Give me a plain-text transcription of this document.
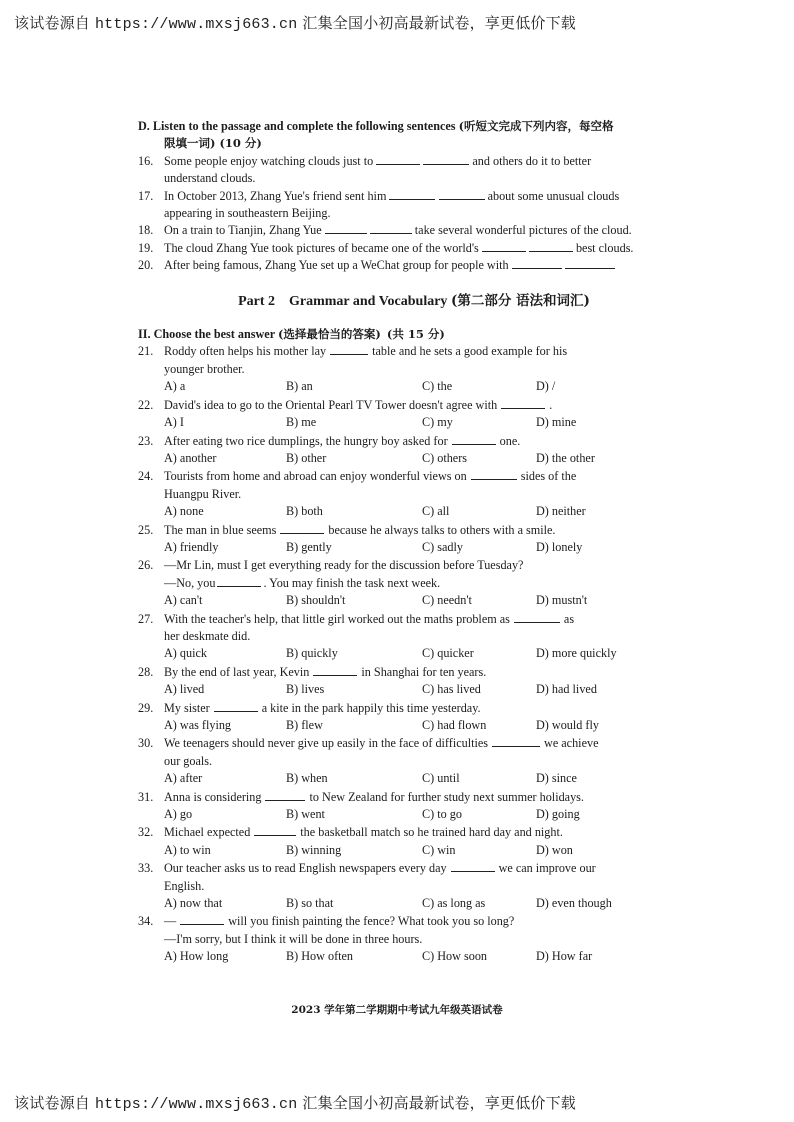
该试卷源自 https://www.mxsj663.cn 汇集全国小初高最新试卷，享更低价下载
D. Listen to the passage and complete the following sentences (听短文完成下列内容，每空格
限填一词) (10 分)
16. Some people enjoy watching clouds just to	and others do it to better
understand clouds.
17. In October 2013, Zhang Yue's friend sent him	about some unusual clouds
appearing in southeastern Beijing.
18. On a train to Tianjin, Zhang Yue	take several wonderful pictures of the cloud.
19. The cloud Zhang Yue took pictures of became one of the world's	best clouds.
20. After being famous, Zhang Yue set up a WeChat group for people with
Part 2 Grammar and Vocabulary (第二部分 语法和词汇)
II. Choose the best answer (选择最恰当的答案) (共 15 分)
21. Roddy often helps his mother lay	table and he sets a good example for his
younger brother.
A) a	B) an	C) the	D) /
22. David's idea to go to the Oriental Pearl TV Tower doesn't agree with	.
A) I	B) me	C) my	D) mine
23. After eating two rice dumplings, the hungry boy asked for	one.
A) another	B) other	C) others	D) the other
24. Tourists from home and abroad can enjoy wonderful views on	sides of the
Huangpu River.
A) none	B) both	C) all	D) neither
25. The man in blue seems	because he always talks to others with a smile.
A) friendly	B) gently	C) sadly	D) lonely
26. —Mr Lin, must I get everything ready for the discussion before Tuesday?
—No, you	. You may finish the task next week.
A) can't	B) shouldn't	C) needn't	D) mustn't
27. With the teacher's help, that little girl worked out the maths problem as	as
her deskmate did.
A) quick	B) quickly	C) quicker	D) more quickly
28. By the end of last year, Kevin	in Shanghai for ten years.
A) lived	B) lives	C) has lived	D) had lived
29. My sister	a kite in the park happily this time yesterday.
A) was flying	B) flew	C) had flown	D) would fly
30. We teenagers should never give up easily in the face of difficulties	we achieve
our goals.
A) after	B) when	C) until	D) since
31. Anna is considering	to New Zealand for further study next summer holidays.
A) go	B) went	C) to go	D) going
32. Michael expected	the basketball match so he trained hard day and night.
A) to win	B) winning	C) win	D) won
33. Our teacher asks us to read English newspapers every day	we can improve our
English.
A) now that	B) so that	C) as long as	D) even though
34. —	will you finish painting the fence? What took you so long?
—I'm sorry, but I think it will be done in three hours.
A) How long	B) How often	C) How soon	D) How far
2023 学年第二学期期中考试九年级英语试卷
该试卷源自 https://www.mxsj663.cn 汇集全国小初高最新试卷，享更低价下载
